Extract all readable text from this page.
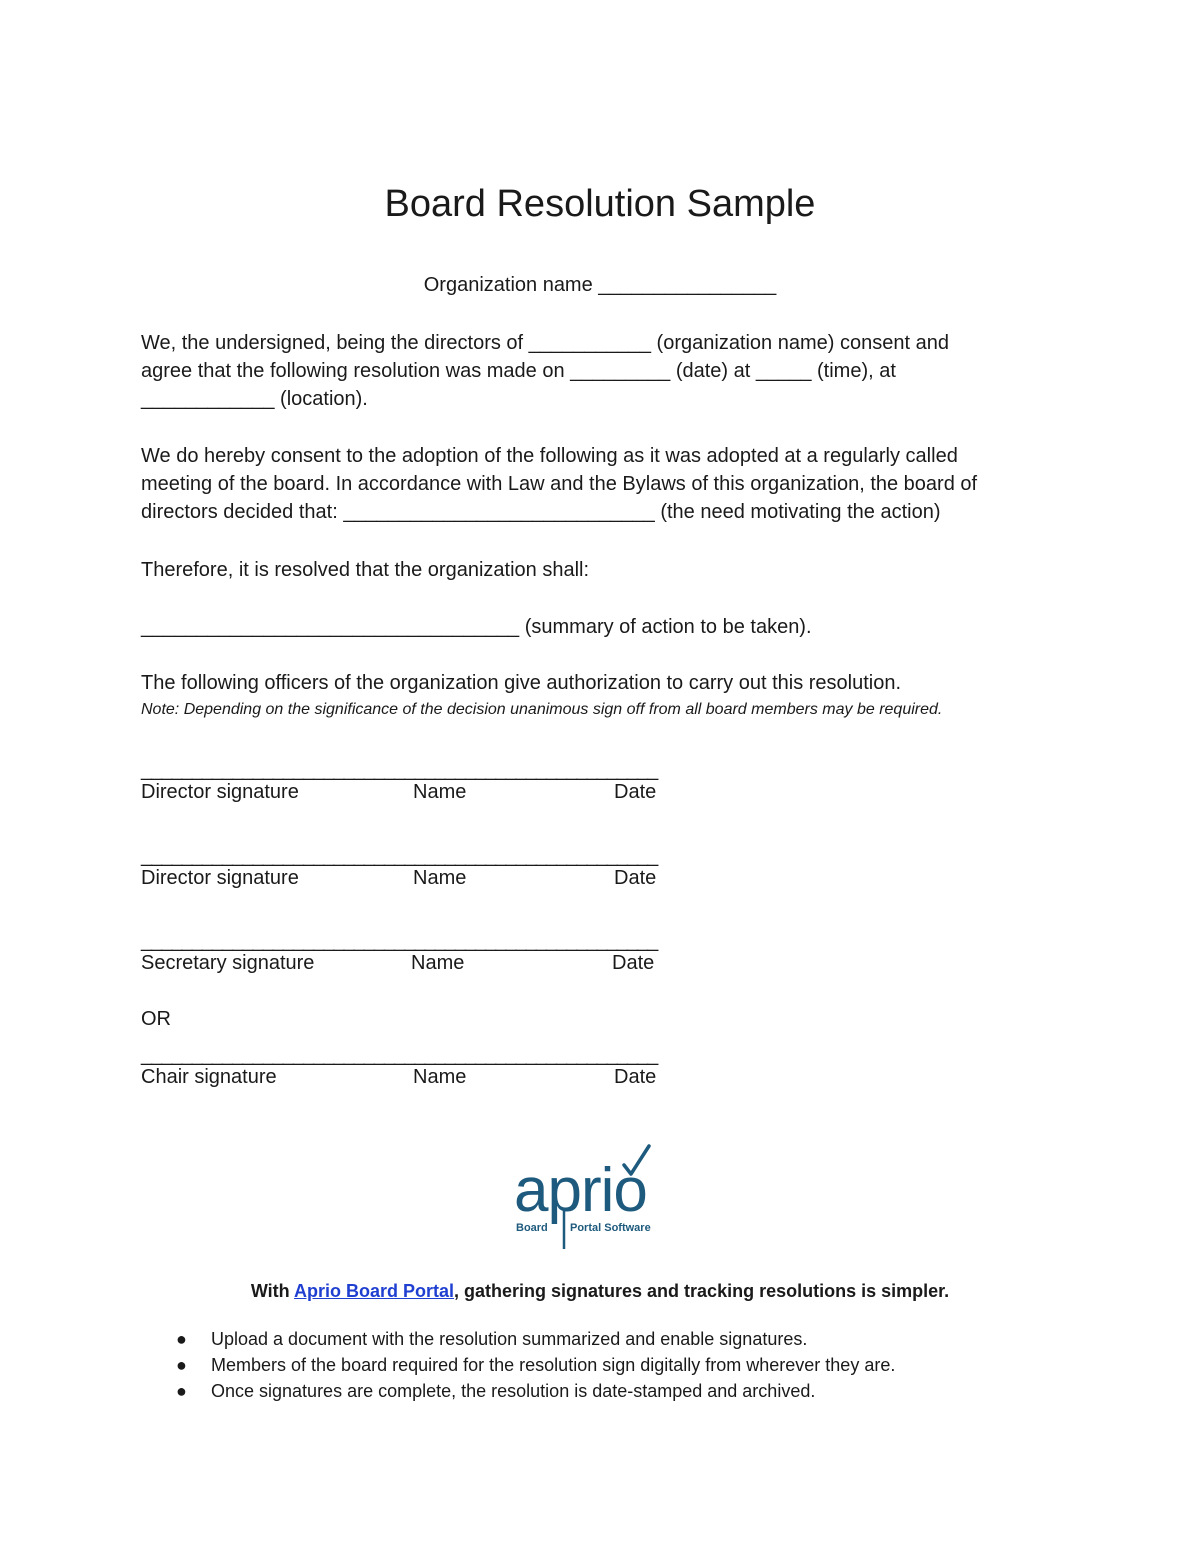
Board Resolution Sample
Organization name ________________
We, the undersigned, being the directors of ___________ (organization name) consent and
agree that the following resolution was made on _________ (date) at _____ (time), at
____________ (location).
We do hereby consent to the adoption of the following as it was adopted at a regularly called
meeting of the board. In accordance with Law and the Bylaws of this organization, the board of
directors decided that: ____________________________ (the need motivating the action)
Therefore, it is resolved that the organization shall:
__________________________________ (summary of action to be taken).
The following officers of the organization give authorization to carry out this resolution.
Note: Depending on the significance of the decision unanimous sign off from all board members may be required.
___________________________________________________
Director signature	Name	Date
___________________________________________________
Director signature	Name	Date
___________________________________________________
Secretary signature	Name	Date
OR
___________________________________________________
Chair signature	Name	Date
aprio
Board Portal Software
With Aprio Board Portal, gathering signatures and tracking resolutions is simpler.
● Upload a document with the resolution summarized and enable signatures.
● Members of the board required for the resolution sign digitally from wherever they are.
● Once signatures are complete, the resolution is date-stamped and archived.
